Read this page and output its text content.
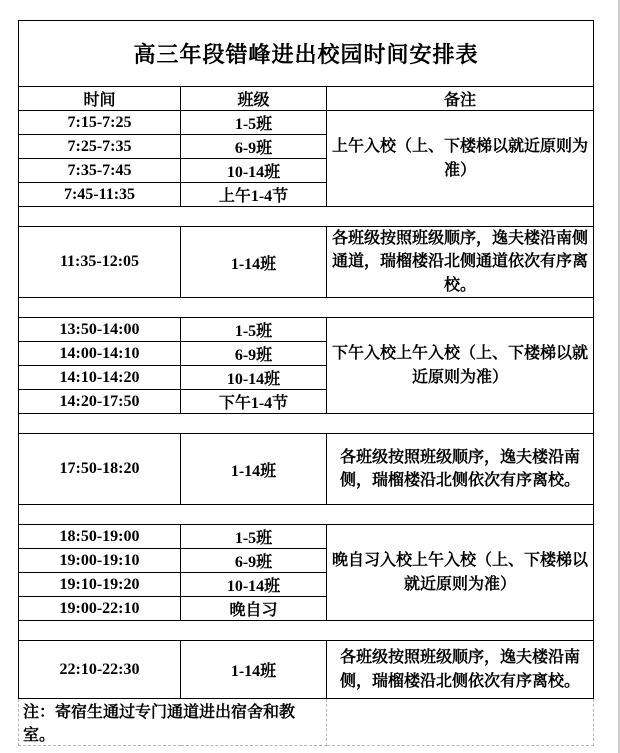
高三年段错峰进出校园时间安排表		
时间	班级	备注
7:15-7:25	1-5班	上午入校（上、下楼梯以就近原则为准）
7:25-7:35	6-9班	
7:35-7:45	10-14班	
7:45-11:35	上午1-4节	

11:35-12:05	1-14班	各班级按照班级顺序，逸夫楼沿南侧通道，瑞榴楼沿北侧通道依次有序离校。

13:50-14:00	1-5班	下午入校上午入校（上、下楼梯以就近原则为准）
14:00-14:10	6-9班	
14:10-14:20	10-14班	
14:20-17:50	下午1-4节	

17:50-18:20	1-14班	各班级按照班级顺序，逸夫楼沿南侧，瑞榴楼沿北侧依次有序离校。

18:50-19:00	1-5班	晚自习入校上午入校（上、下楼梯以就近原则为准）
19:00-19:10	6-9班	
19:10-19:20	10-14班	
19:00-22:10	晚自习	

22:10-22:30	1-14班	各班级按照班级顺序，逸夫楼沿南侧，瑞榴楼沿北侧依次有序离校。
注：寄宿生通过专门通道进出宿舍和教室。		
